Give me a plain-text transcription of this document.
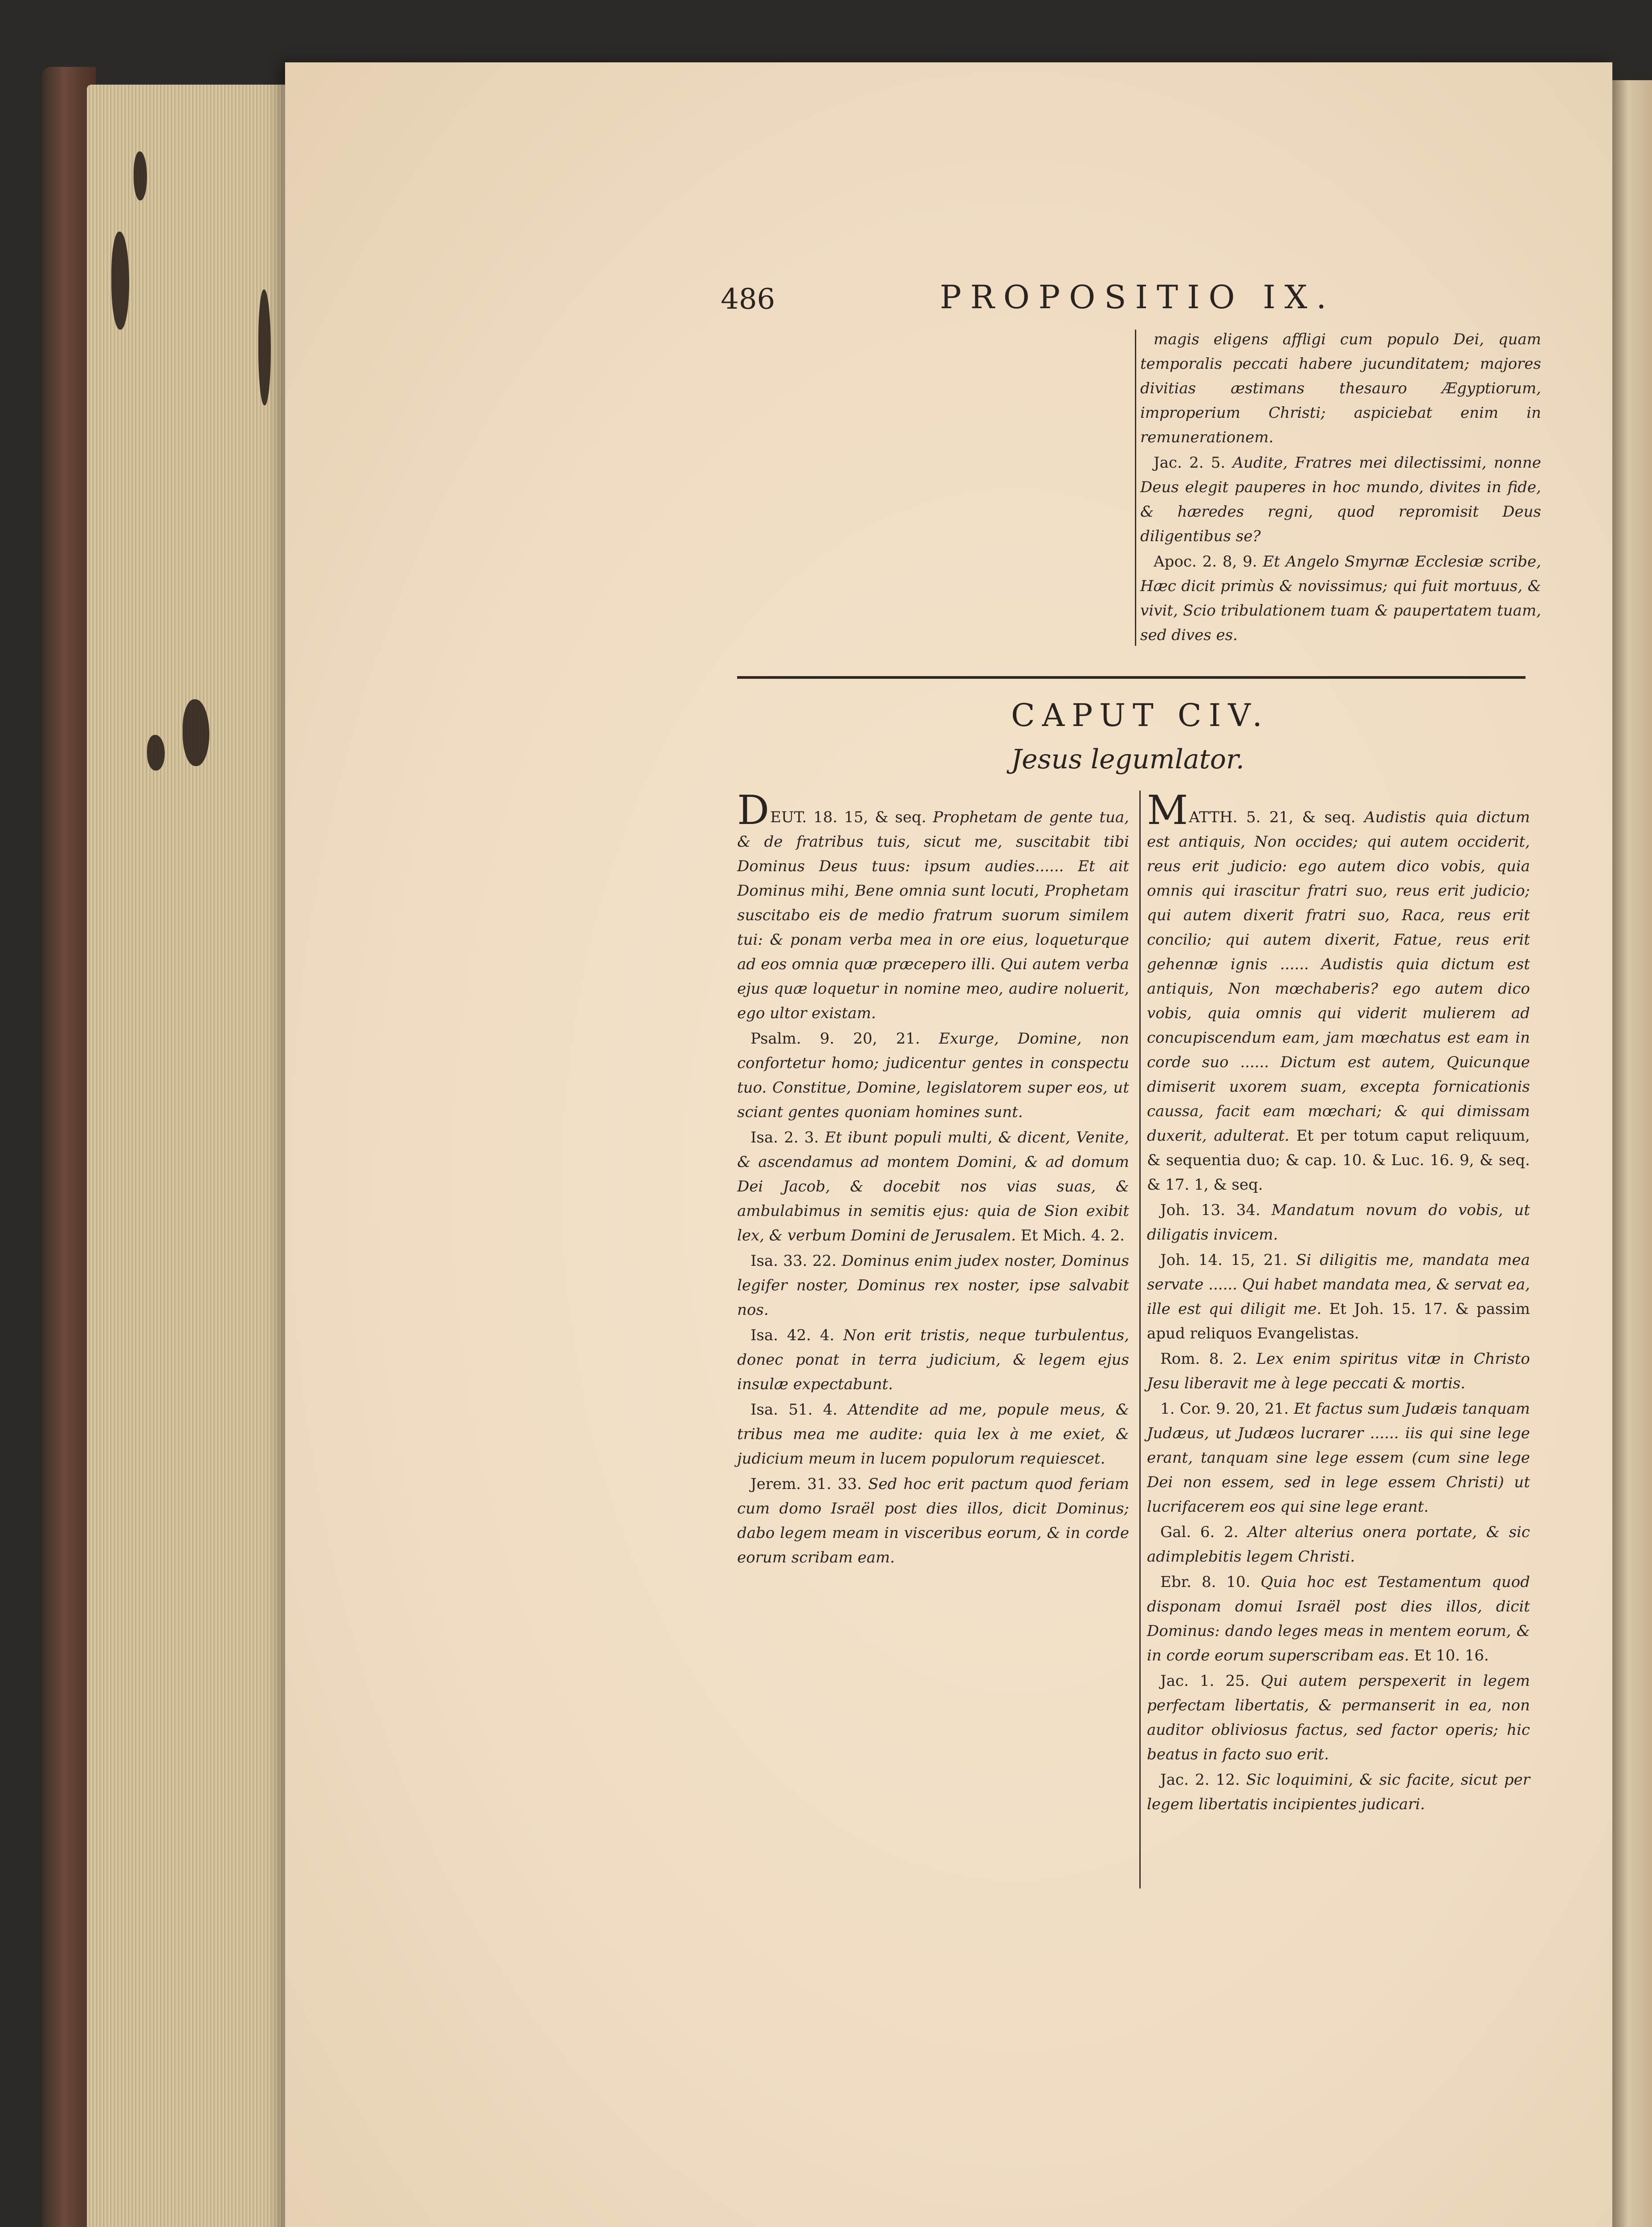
486	PROPOSITIO IX.

magis eligens affligi cum populo Dei, quam temporalis peccati habere jucunditatem; majores divitias æstimans thesauro Ægyptiorum, improperium Christi; aspiciebat enim in remunerationem.

Jac. 2. 5. Audite, Fratres mei dilectissimi, nonne Deus elegit pauperes in hoc mundo, divites in fide, & hæredes regni, quod repromisit Deus diligentibus se?

Apoc. 2. 8, 9. Et Angelo Smyrnæ Ecclesiæ scribe, Hæc dicit primùs & novissimus; qui fuit mortuus, & vivit, Scio tribulationem tuam & paupertatem tuam, sed dives es.

CAPUT CIV.
Jesus legumlator.

DEUT. 18. 15, & seq. Prophetam de gente tua, & de fratribus tuis, sicut me, suscitabit tibi Dominus Deus tuus: ipsum audies...... Et ait Dominus mihi, Bene omnia sunt locuti, Prophetam suscitabo eis de medio fratrum suorum similem tui: & ponam verba mea in ore eius, loqueturque ad eos omnia quæ præcepero illi. Qui autem verba ejus quæ loquetur in nomine meo, audire noluerit, ego ultor existam.

Psalm. 9. 20, 21. Exurge, Domine, non confortetur homo; judicentur gentes in conspectu tuo. Constitue, Domine, legislatorem super eos, ut sciant gentes quoniam homines sunt.

Isa. 2. 3. Et ibunt populi multi, & dicent, Venite, & ascendamus ad montem Domini, & ad domum Dei Jacob, & docebit nos vias suas, & ambulabimus in semitis ejus: quia de Sion exibit lex, & verbum Domini de Jerusalem. Et Mich. 4. 2.

Isa. 33. 22. Dominus enim judex noster, Dominus legifer noster, Dominus rex noster, ipse salvabit nos.

Isa. 42. 4. Non erit tristis, neque turbulentus, donec ponat in terra judicium, & legem ejus insulæ expectabunt.

Isa. 51. 4. Attendite ad me, popule meus, & tribus mea me audite: quia lex à me exiet, & judicium meum in lucem populorum requiescet.

Jerem. 31. 33. Sed hoc erit pactum quod feriam cum domo Israël post dies illos, dicit Dominus; dabo legem meam in visceribus eorum, & in corde eorum scribam eam.

MATTH. 5. 21, & seq. Audistis quia dictum est antiquis, Non occides; qui autem occiderit, reus erit judicio: ego autem dico vobis, quia omnis qui irascitur fratri suo, reus erit judicio; qui autem dixerit fratri suo, Raca, reus erit concilio; qui autem dixerit, Fatue, reus erit gehennæ ignis ...... Audistis quia dictum est antiquis, Non mœchaberis? ego autem dico vobis, quia omnis qui viderit mulierem ad concupiscendum eam, jam mœchatus est eam in corde suo ...... Dictum est autem, Quicunque dimiserit uxorem suam, excepta fornicationis caussa, facit eam mœchari; & qui dimissam duxerit, adulterat. Et per totum caput reliquum, & sequentia duo; & cap. 10. & Luc. 16. 9, & seq. & 17. 1, & seq.

Joh. 13. 34. Mandatum novum do vobis, ut diligatis invicem.

Joh. 14. 15, 21. Si diligitis me, mandata mea servate ...... Qui habet mandata mea, & servat ea, ille est qui diligit me. Et Joh. 15. 17. & passim apud reliquos Evangelistas.

Rom. 8. 2. Lex enim spiritus vitæ in Christo Jesu liberavit me à lege peccati & mortis.

1. Cor. 9. 20, 21. Et factus sum Judæis tanquam Judæus, ut Judæos lucrarer ...... iis qui sine lege erant, tanquam sine lege essem (cum sine lege Dei non essem, sed in lege essem Christi) ut lucrifacerem eos qui sine lege erant.

Gal. 6. 2. Alter alterius onera portate, & sic adimplebitis legem Christi.

Ebr. 8. 10. Quia hoc est Testamentum quod disponam domui Israël post dies illos, dicit Dominus: dando leges meas in mentem eorum, & in corde eorum superscribam eas. Et 10. 16.

Jac. 1. 25. Qui autem perspexerit in legem perfectam libertatis, & permanserit in ea, non auditor obliviosus factus, sed factor operis; hic beatus in facto suo erit.

Jac. 2. 12. Sic loquimini, & sic facite, sicut per legem libertatis incipientes judicari.
